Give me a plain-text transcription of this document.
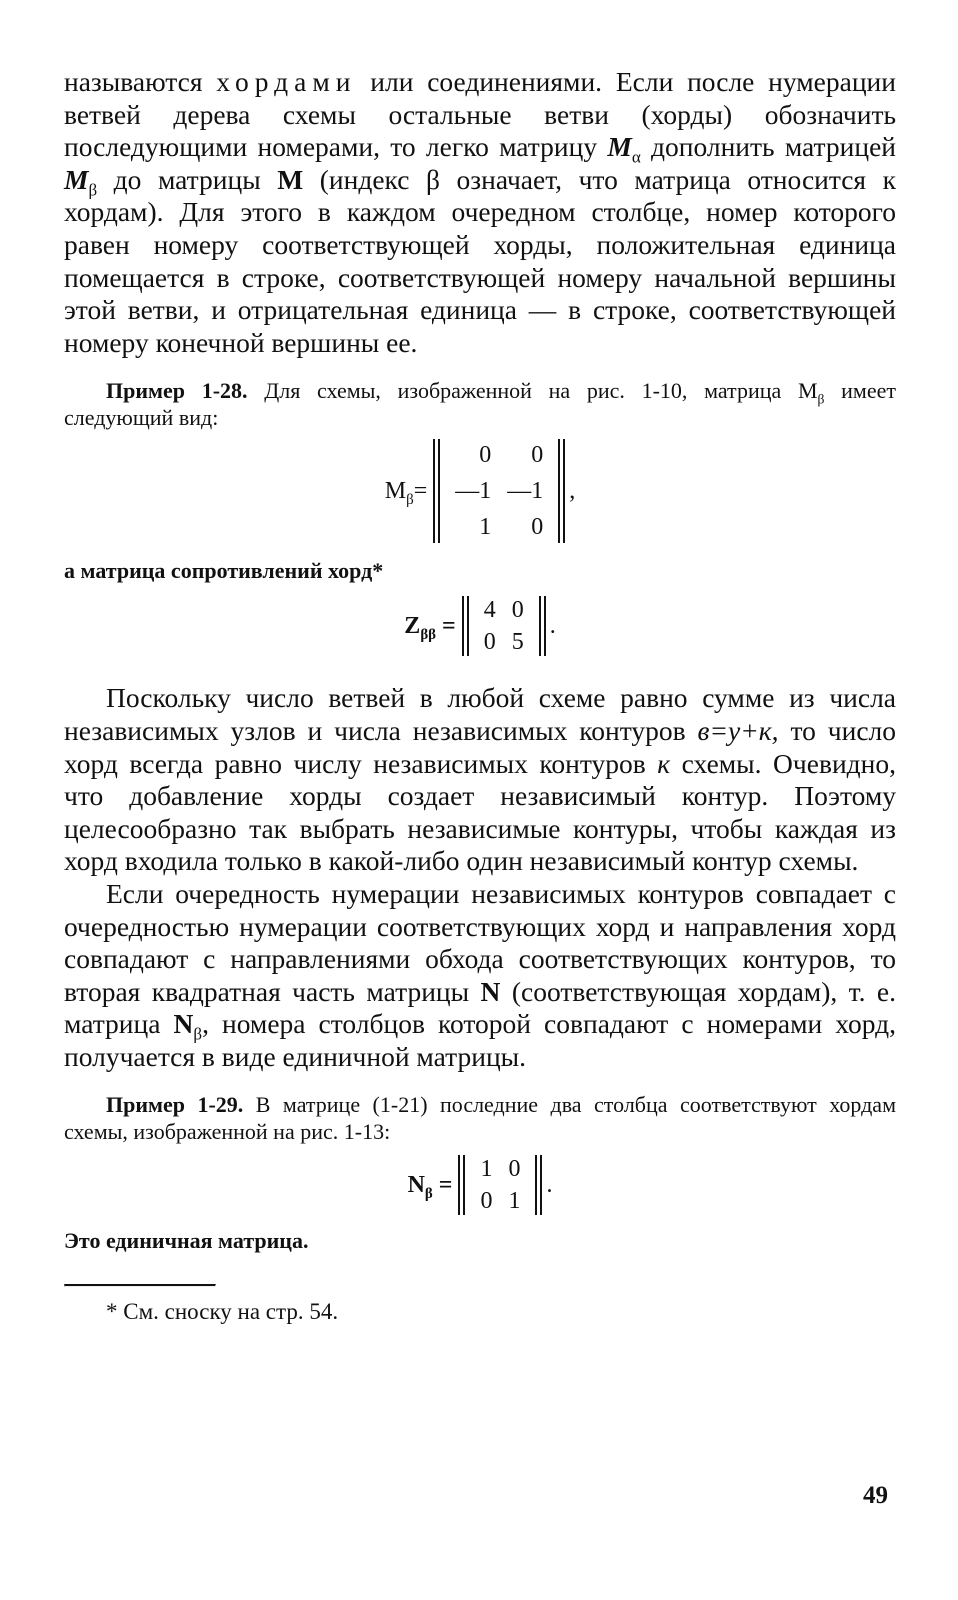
называются хордами или соединениями. Если после нумерации ветвей дерева схемы остальные ветви (хорды) обозначить последующими номерами, то легко матрицу $M_\alpha$ дополнить матрицей $M_\beta$ до матрицы M (индекс β означает, что матрица относится к хордам). Для этого в каждом очередном столбце, номер которого равен номеру соответствующей хорды, положительная единица помещается в строке, соответствующей номеру начальной вершины этой ветви, и отрицательная единица — в строке, соответствующей номеру конечной вершины ее.

Пример 1-28. Для схемы, изображенной на рис. 1-10, матрица $M_\beta$ имеет следующий вид:

$M_\beta=$
0	0
—1	—1
1	0
,

а матрица сопротивлений хорд*

$Z_{\beta\beta}$ =
4	0
0	5
.

Поскольку число ветвей в любой схеме равно сумме из числа независимых узлов и числа независимых контуров в=у+к, то число хорд всегда равно числу независимых контуров к схемы. Очевидно, что добавление хорды создает независимый контур. Поэтому целесообразно так выбрать независимые контуры, чтобы каждая из хорд входила только в какой-либо один независимый контур схемы.

Если очередность нумерации независимых контуров совпадает с очередностью нумерации соответствующих хорд и направления хорд совпадают с направлениями обхода соответствующих контуров, то вторая квадратная часть матрицы N (соответствующая хордам), т. е. матрица $N_\beta$, номера столбцов которой совпадают с номерами хорд, получается в виде единичной матрицы.

Пример 1-29. В матрице (1-21) последние два столбца соответствуют хордам схемы, изображенной на рис. 1-13:

$N_\beta$ =
1	0
0	1
.

Это единичная матрица.

* См. сноску на стр. 54.

49
